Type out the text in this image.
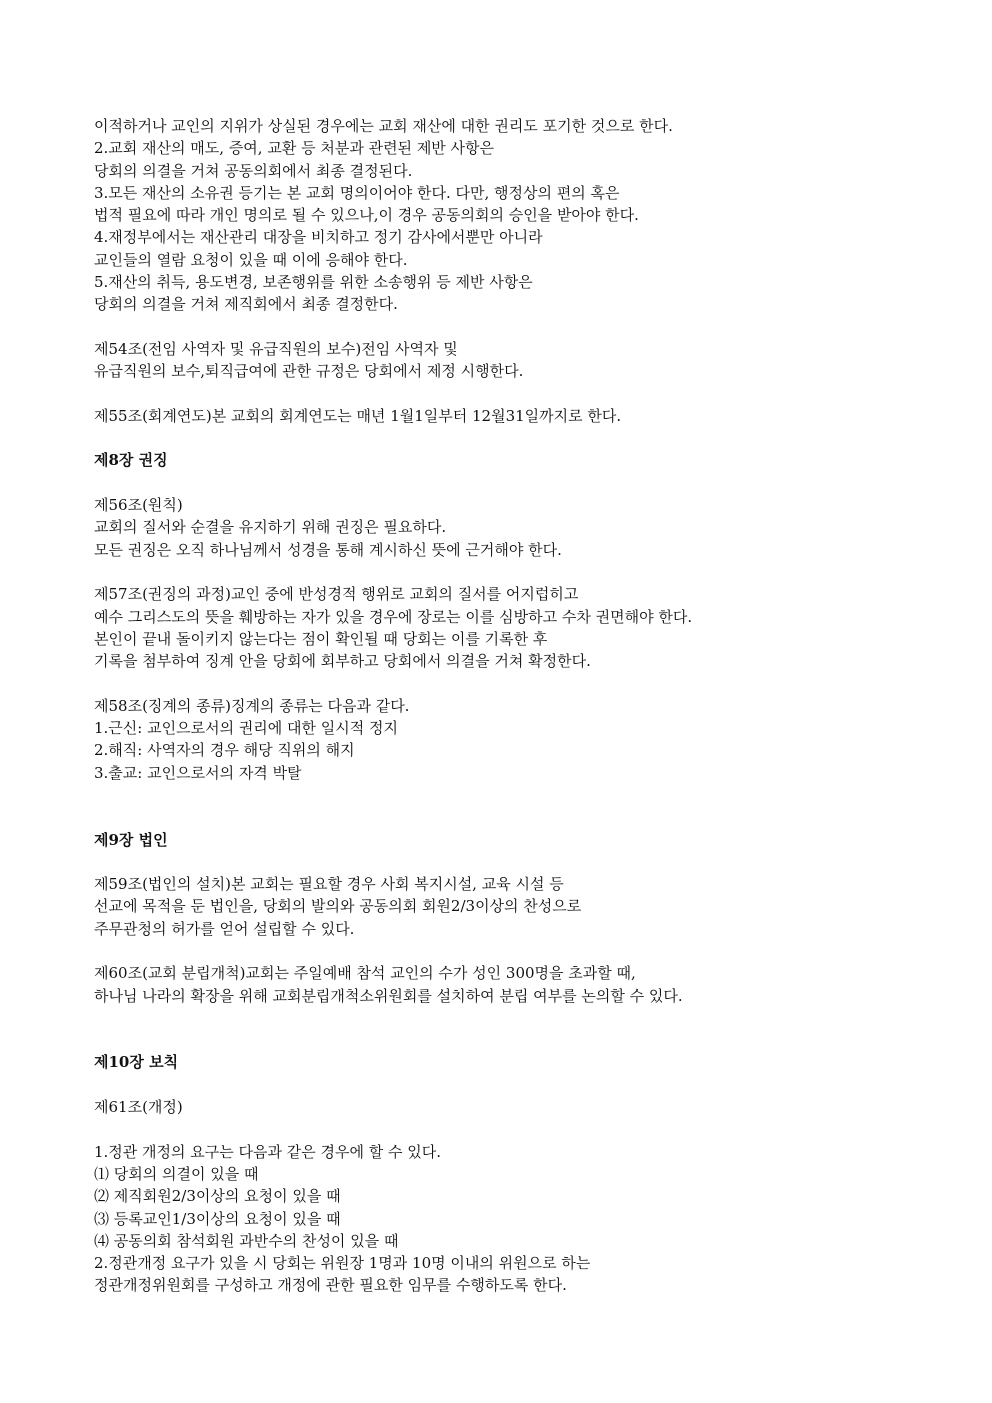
이적하거나 교인의 지위가 상실된 경우에는 교회 재산에 대한 권리도 포기한 것으로 한다.
2.교회 재산의 매도, 증여, 교환 등 처분과 관련된 제반 사항은
당회의 의결을 거쳐 공동의회에서 최종 결정된다.
3.모든 재산의 소유권 등기는 본 교회 명의이어야 한다. 다만, 행정상의 편의 혹은
법적 필요에 따라 개인 명의로 될 수 있으나,이 경우 공동의회의 승인을 받아야 한다.
4.재정부에서는 재산관리 대장을 비치하고 정기 감사에서뿐만 아니라
교인들의 열람 요청이 있을 때 이에 응해야 한다.
5.재산의 취득, 용도변경, 보존행위를 위한 소송행위 등 제반 사항은
당회의 의결을 거쳐 제직회에서 최종 결정한다.
제54조(전임 사역자 및 유급직원의 보수)전임 사역자 및
유급직원의 보수,퇴직급여에 관한 규정은 당회에서 제정 시행한다.
제55조(회계연도)본 교회의 회계연도는 매년 1월1일부터 12월31일까지로 한다.
제8장 권징
제56조(원칙)
교회의 질서와 순결을 유지하기 위해 권징은 필요하다.
모든 권징은 오직 하나님께서 성경을 통해 계시하신 뜻에 근거해야 한다.
제57조(권징의 과정)교인 중에 반성경적 행위로 교회의 질서를 어지럽히고
예수 그리스도의 뜻을 훼방하는 자가 있을 경우에 장로는 이를 심방하고 수차 권면해야 한다.
본인이 끝내 돌이키지 않는다는 점이 확인될 때 당회는 이를 기록한 후
기록을 첨부하여 징계 안을 당회에 회부하고 당회에서 의결을 거쳐 확정한다.
제58조(징계의 종류)징계의 종류는 다음과 같다.
1.근신: 교인으로서의 권리에 대한 일시적 정지
2.해직: 사역자의 경우 해당 직위의 해지
3.출교: 교인으로서의 자격 박탈
제9장 법인
제59조(법인의 설치)본 교회는 필요할 경우 사회 복지시설, 교육 시설 등
선교에 목적을 둔 법인을, 당회의 발의와 공동의회 회원2/3이상의 찬성으로
주무관청의 허가를 얻어 설립할 수 있다.
제60조(교회 분립개척)교회는 주일예배 참석 교인의 수가 성인 300명을 초과할 때,
하나님 나라의 확장을 위해 교회분립개척소위원회를 설치하여 분립 여부를 논의할 수 있다.
제10장 보칙
제61조(개정)
1.정관 개정의 요구는 다음과 같은 경우에 할 수 있다.
⑴ 당회의 의결이 있을 때
⑵ 제직회원2/3이상의 요청이 있을 때
⑶ 등록교인1/3이상의 요청이 있을 때
⑷ 공동의회 참석회원 과반수의 찬성이 있을 때
2.정관개정 요구가 있을 시 당회는 위원장 1명과 10명 이내의 위원으로 하는
정관개정위원회를 구성하고 개정에 관한 필요한 임무를 수행하도록 한다.
